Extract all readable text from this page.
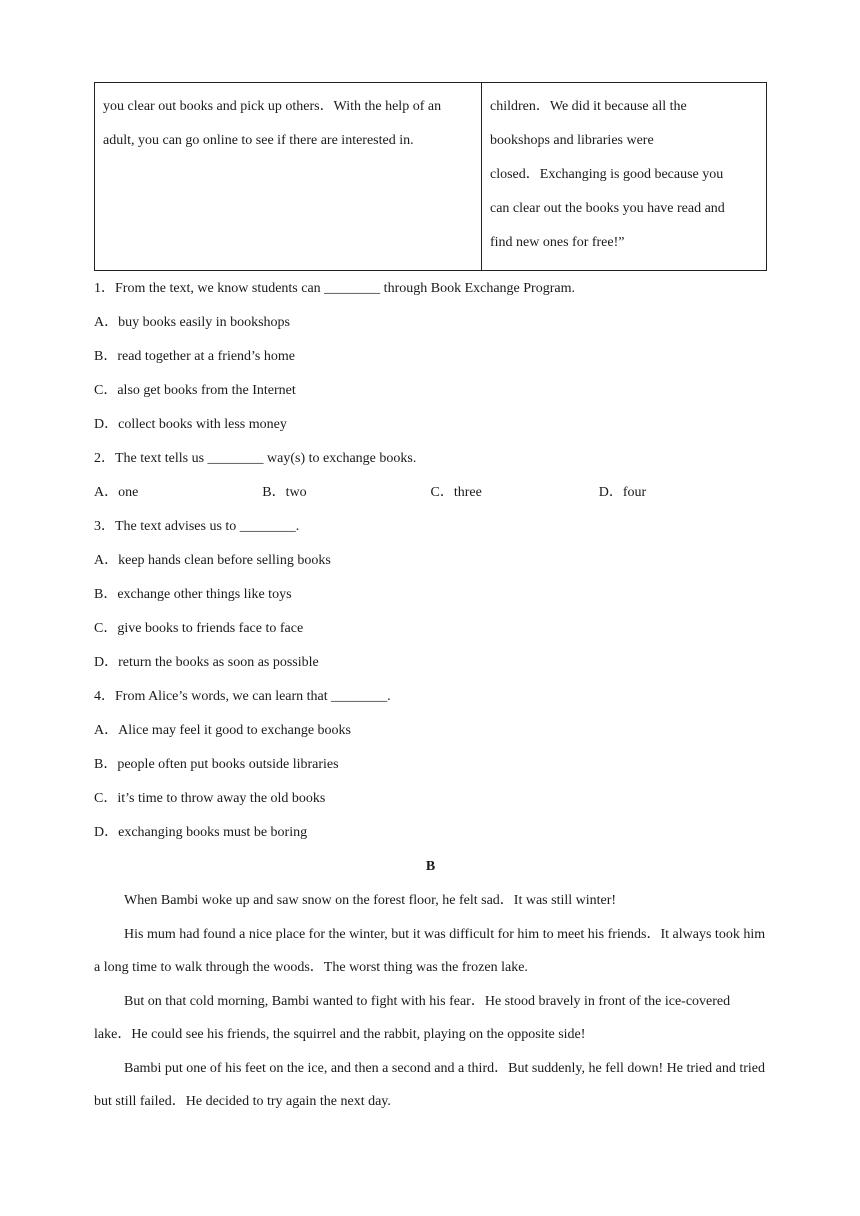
you clear out books and pick up others．With the help of an
adult, you can go online to see if there are interested in.

children．We did it because all the
bookshops and libraries were
closed．Exchanging is good because you
can clear out the books you have read and
find new ones for free!”
1．From the text, we know students can ________ through Book Exchange Program.
A．buy books easily in bookshops
B．read together at a friend’s home
C．also get books from the Internet
D．collect books with less money
2．The text tells us ________ way(s) to exchange books.
A．one	B．two	C．three	D．four
3．The text advises us to ________.
A．keep hands clean before selling books
B．exchange other things like toys
C．give books to friends face to face
D．return the books as soon as possible
4．From Alice’s words, we can learn that ________.
A．Alice may feel it good to exchange books
B．people often put books outside libraries
C．it’s time to throw away the old books
D．exchanging books must be boring
B

When Bambi woke up and saw snow on the forest floor, he felt sad．It was still winter!

His mum had found a nice place for the winter, but it was difficult for him to meet his friends．It always took him a long time to walk through the woods．The worst thing was the frozen lake.

But on that cold morning, Bambi wanted to fight with his fear．He stood bravely in front of the ice-covered lake．He could see his friends, the squirrel and the rabbit, playing on the opposite side!

Bambi put one of his feet on the ice, and then a second and a third．But suddenly, he fell down! He tried and tried but still failed．He decided to try again the next day.
